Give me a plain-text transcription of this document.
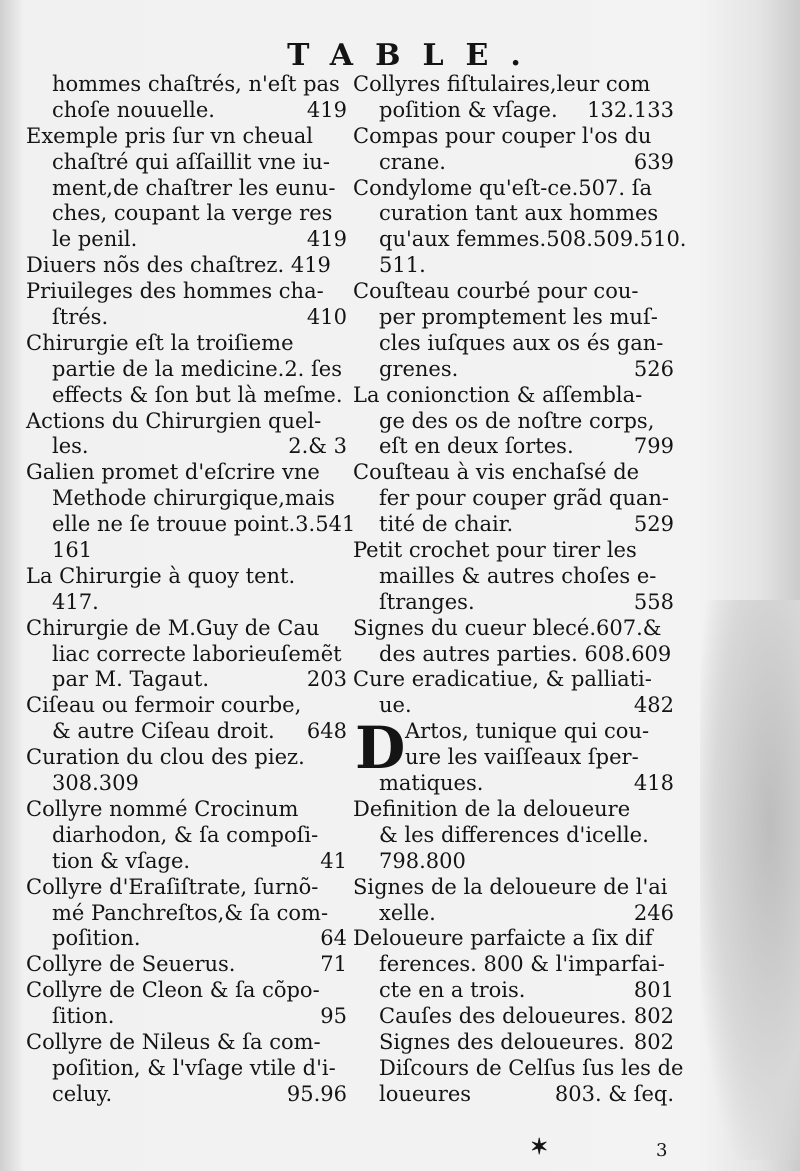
TABLE.
hommes chaſtrés, n'eſt pas
choſe nouuelle.	419
Exemple pris ſur vn cheual
chaſtré qui aſſaillit vne iu-
ment,de chaſtrer les eunu-
ches, coupant la verge res
le penil.	419
Diuers nõs des chaſtrez. 419
Priuileges des hommes cha-
ſtrés.	410
Chirurgie eſt la troiſieme
partie de la medicine.2. ſes
effects & ſon but là meſme.
Actions du Chirurgien quel-
les.	2.& 3
Galien promet d'eſcrire vne
Methode chirurgique,mais
elle ne ſe trouue point.3.541
161
La Chirurgie à quoy tent.
417.
Chirurgie de M.Guy de Cau
liac correcte laborieuſemẽt
par M. Tagaut.	203
Ciſeau ou fermoir courbe,
& autre Ciſeau droit. 648
Curation du clou des piez.
308.309
Collyre nommé Crocinum
diarhodon, & ſa compoſi-
tion & vſage.	41
Collyre d'Eraſiſtrate, ſurnõ-
mé Panchreſtos,& ſa com-
poſition.	64
Collyre de Seuerus.	71
Collyre de Cleon & ſa cõpo-
ſition.	95
Collyre de Nileus & ſa com-
poſition, & l'vſage vtile d'i-
celuy.	95.96
Collyres fiſtulaires,leur com
poſition & vſage. 132.133
Compas pour couper l'os du
crane.	639
Condylome qu'eſt-ce.507. ſa
curation tant aux hommes
qu'aux femmes.508.509.510.
511.
Couſteau courbé pour cou-
per promptement les muſ-
cles iuſques aux os és gan-
grenes.	526
La conionction & aſſembla-
ge des os de noſtre corps,
eſt en deux ſortes.	799
Couſteau à vis enchaſsé de
fer pour couper grãd quan-
tité de chair.	529
Petit crochet pour tirer les
mailles & autres choſes e-
ſtranges.	558
Signes du cueur blecé.607.&
des autres parties. 608.609
Cure eradicatiue, & palliati-
ue.	482
D Artos, tunique qui cou-
ure les vaiſſeaux ſper-
matiques.	418
Definition de la deloueure
& les differences d'icelle.
798.800
Signes de la deloueure de l'ai
xelle.	246
Deloueure parfaicte a ſix dif
ferences. 800 & l'imparfai-
cte en a trois.	801
Cauſes des deloueures. 802
Signes des deloueures. 802
Diſcours de Celſus ſus les de
loueures	803. & ſeq.
✶	3
